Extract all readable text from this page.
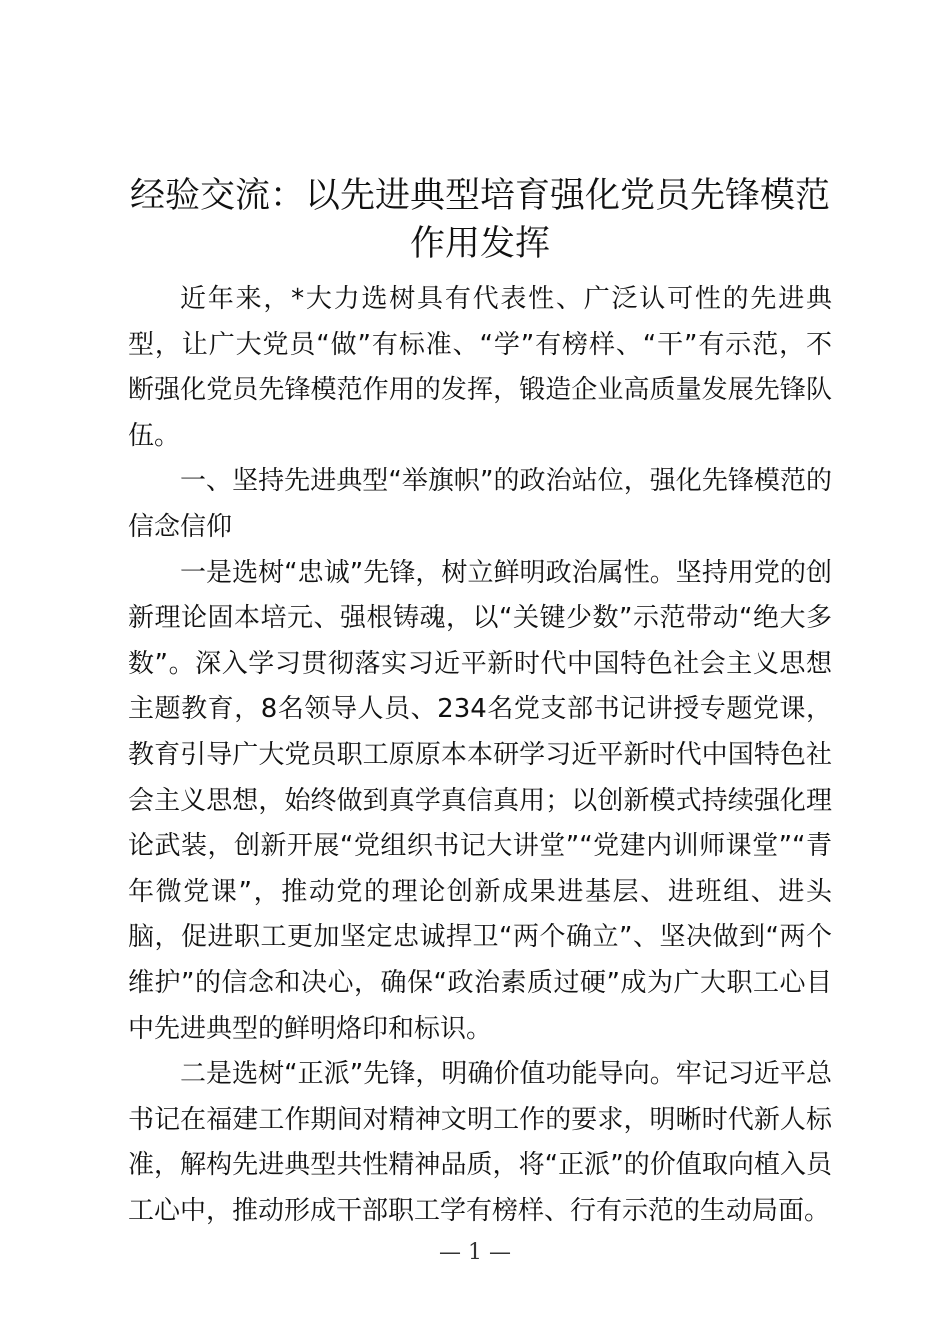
经验交流：以先进典型培育强化党员先锋模范作用发挥

近年来，*大力选树具有代表性、广泛认可性的先进典型，让广大党员“做”有标准、“学”有榜样、“干”有示范，不断强化党员先锋模范作用的发挥，锻造企业高质量发展先锋队伍。

一、坚持先进典型“举旗帜”的政治站位，强化先锋模范的信念信仰

一是选树“忠诚”先锋，树立鲜明政治属性。坚持用党的创新理论固本培元、强根铸魂，以“关键少数”示范带动“绝大多数”。深入学习贯彻落实习近平新时代中国特色社会主义思想主题教育，8名领导人员、234名党支部书记讲授专题党课，教育引导广大党员职工原原本本研学习近平新时代中国特色社会主义思想，始终做到真学真信真用；以创新模式持续强化理论武装，创新开展“党组织书记大讲堂”“党建内训师课堂”“青年微党课”，推动党的理论创新成果进基层、进班组、进头脑，促进职工更加坚定忠诚捍卫“两个确立”、坚决做到“两个维护”的信念和决心，确保“政治素质过硬”成为广大职工心目中先进典型的鲜明烙印和标识。

二是选树“正派”先锋，明确价值功能导向。牢记习近平总书记在福建工作期间对精神文明工作的要求，明晰时代新人标准，解构先进典型共性精神品质，将“正派”的价值取向植入员工心中，推动形成干部职工学有榜样、行有示范的生动局面。

— 1 —
